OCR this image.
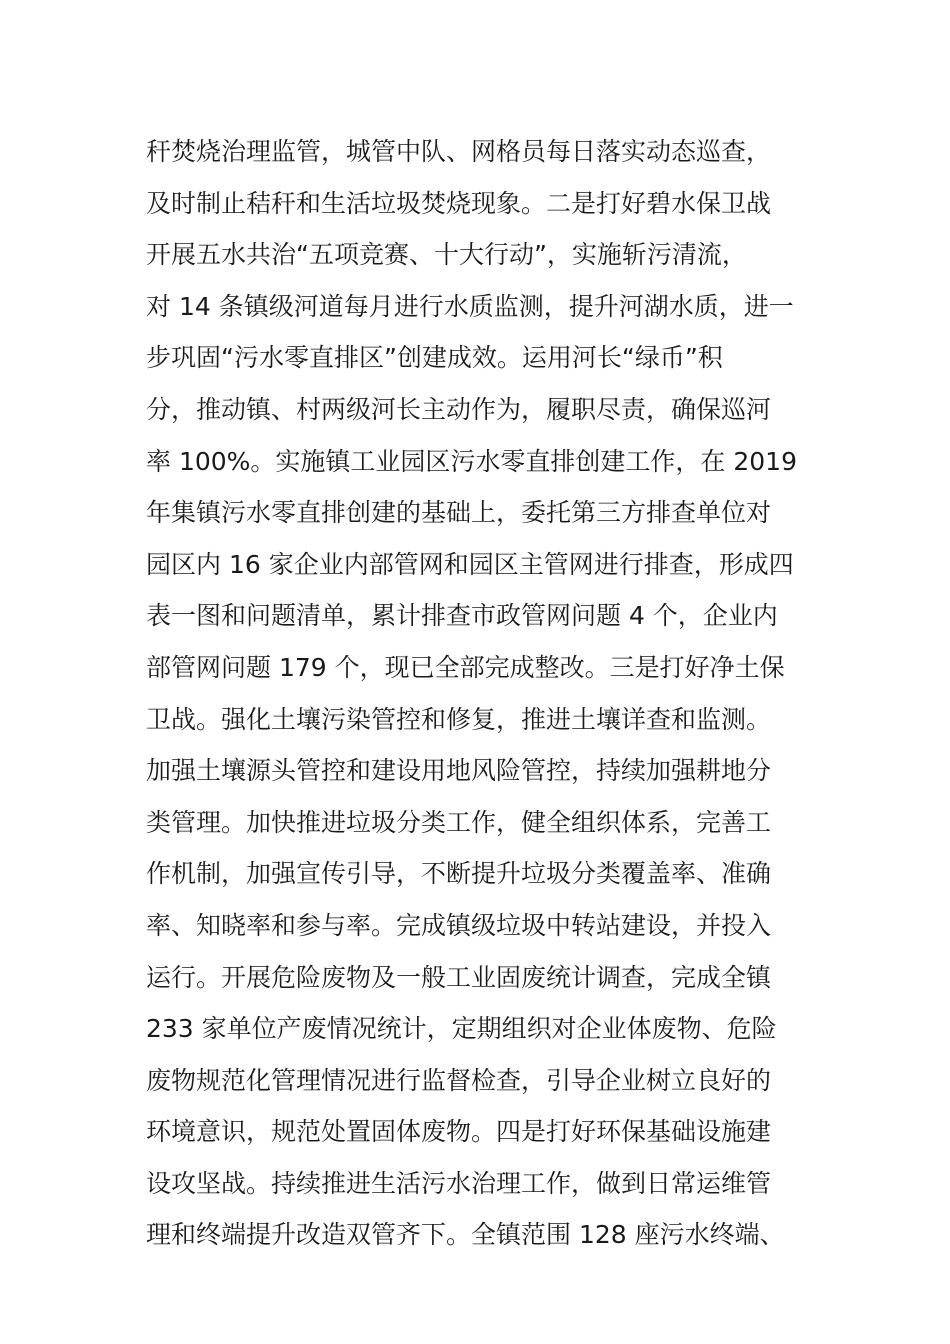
秆焚烧治理监管，城管中队、网格员每日落实动态巡查，
及时制止秸秆和生活垃圾焚烧现象。二是打好碧水保卫战
开展五水共治“五项竞赛、十大行动”，实施斩污清流，
对 14 条镇级河道每月进行水质监测，提升河湖水质，进一
步巩固“污水零直排区”创建成效。运用河长“绿币”积
分，推动镇、村两级河长主动作为，履职尽责，确保巡河
率 100%。实施镇工业园区污水零直排创建工作，在 2019
年集镇污水零直排创建的基础上，委托第三方排查单位对
园区内 16 家企业内部管网和园区主管网进行排查，形成四
表一图和问题清单，累计排查市政管网问题 4 个，企业内
部管网问题 179 个，现已全部完成整改。三是打好净土保
卫战。强化土壤污染管控和修复，推进土壤详查和监测。
加强土壤源头管控和建设用地风险管控，持续加强耕地分
类管理。加快推进垃圾分类工作，健全组织体系，完善工
作机制，加强宣传引导，不断提升垃圾分类覆盖率、准确
率、知晓率和参与率。完成镇级垃圾中转站建设，并投入
运行。开展危险废物及一般工业固废统计调查，完成全镇
233 家单位产废情况统计，定期组织对企业体废物、危险
废物规范化管理情况进行监督检查，引导企业树立良好的
环境意识，规范处置固体废物。四是打好环保基础设施建
设攻坚战。持续推进生活污水治理工作，做到日常运维管
理和终端提升改造双管齐下。全镇范围 128 座污水终端、
